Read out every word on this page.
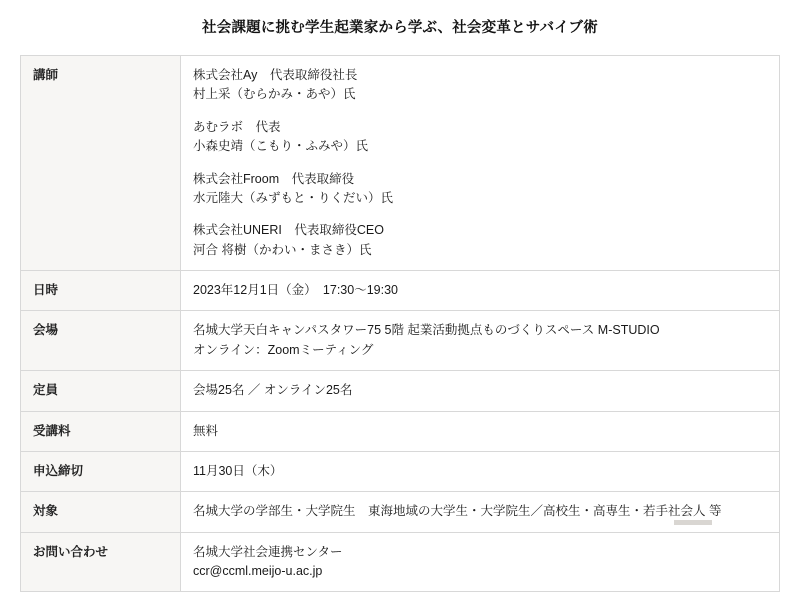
社会課題に挑む学生起業家から学ぶ、社会変革とサバイブ術
講師	株式会社Ay　代表取締役社長
村上采（むらかみ・あや）氏
あむラボ　代表
小森史靖（こもり・ふみや）氏
株式会社Froom　代表取締役
水元陸大（みずもと・りくだい）氏
株式会社UNERI　代表取締役CEO
河合 将樹（かわい・まさき）氏

日時	2023年12月1日（金）　17:30～19:30

会場	名城大学天白キャンパスタワー75 5階 起業活動拠点ものづくりスペース M-STUDIO
オンライン：Zoomミーティング

定員	会場25名 ／ オンライン25名

受講料	無料

申込締切	11月30日（木）

対象	名城大学の学部生・大学院生　東海地域の大学生・大学院生／高校生・高専生・若手社会人 等

お問い合わせ	名城大学社会連携センター
ccr@ccml.meijo-u.ac.jp
